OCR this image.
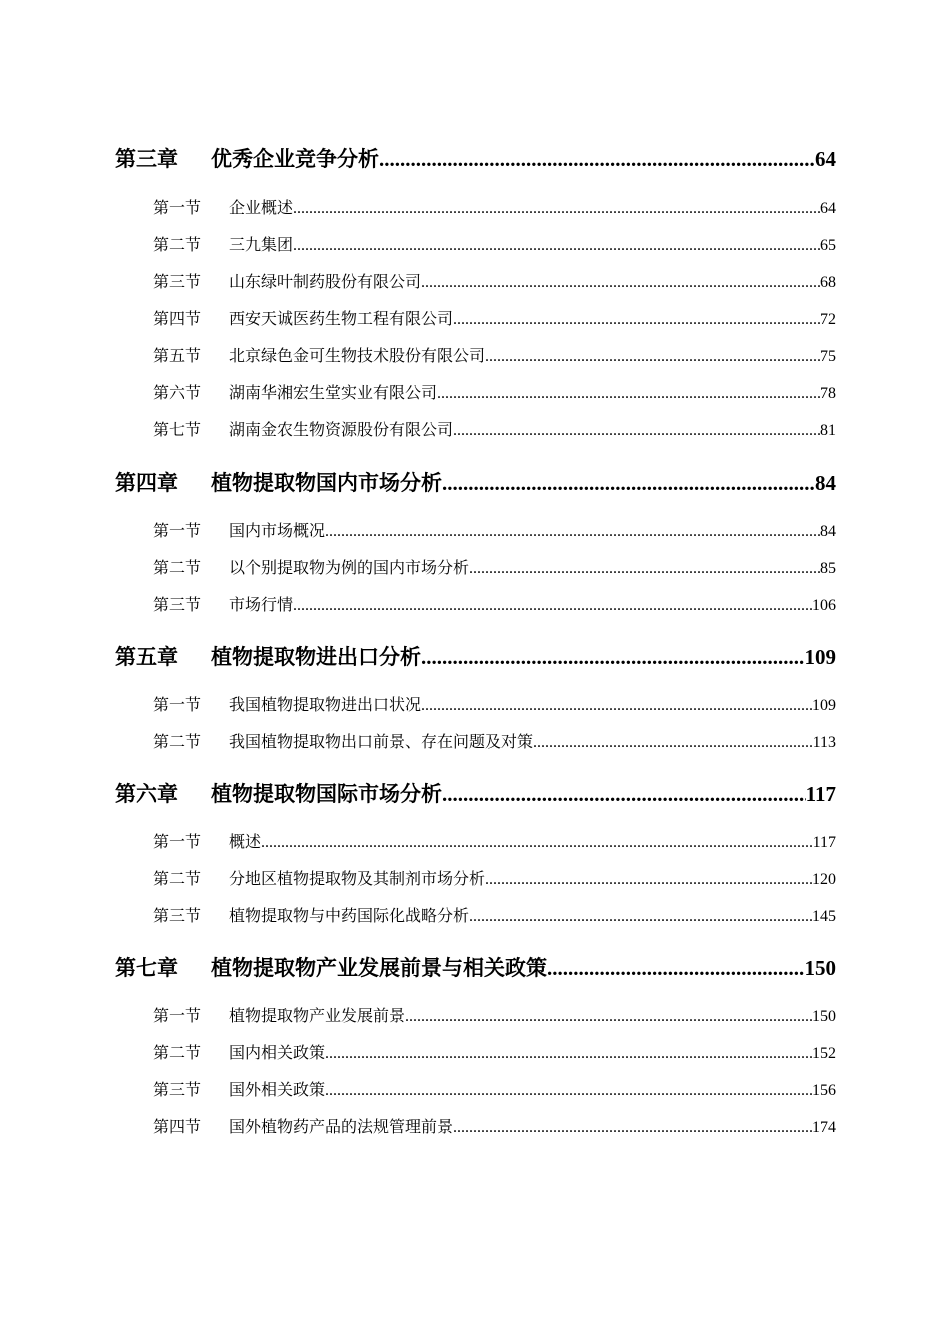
第三章	优秀企业竞争分析 .....	64
第一节	企业概述 .....	64
第二节	三九集团 .....	65
第三节	山东绿叶制药股份有限公司 .....	68
第四节	西安天诚医药生物工程有限公司 .....	72
第五节	北京绿色金可生物技术股份有限公司 .....	75
第六节	湖南华湘宏生堂实业有限公司 .....	78
第七节	湖南金农生物资源股份有限公司 .....	81
第四章	植物提取物国内市场分析 .....	84
第一节	国内市场概况 .....	84
第二节	以个别提取物为例的国内市场分析 .....	85
第三节	市场行情 .....	106
第五章	植物提取物进出口分析 .....	109
第一节	我国植物提取物进出口状况 .....	109
第二节	我国植物提取物出口前景、存在问题及对策 .....	113
第六章	植物提取物国际市场分析 .....	117
第一节	概述 .....	117
第二节	分地区植物提取物及其制剂市场分析 .....	120
第三节	植物提取物与中药国际化战略分析 .....	145
第七章	植物提取物产业发展前景与相关政策 .....	150
第一节	植物提取物产业发展前景 .....	150
第二节	国内相关政策 .....	152
第三节	国外相关政策 .....	156
第四节	国外植物药产品的法规管理前景 .....	174
